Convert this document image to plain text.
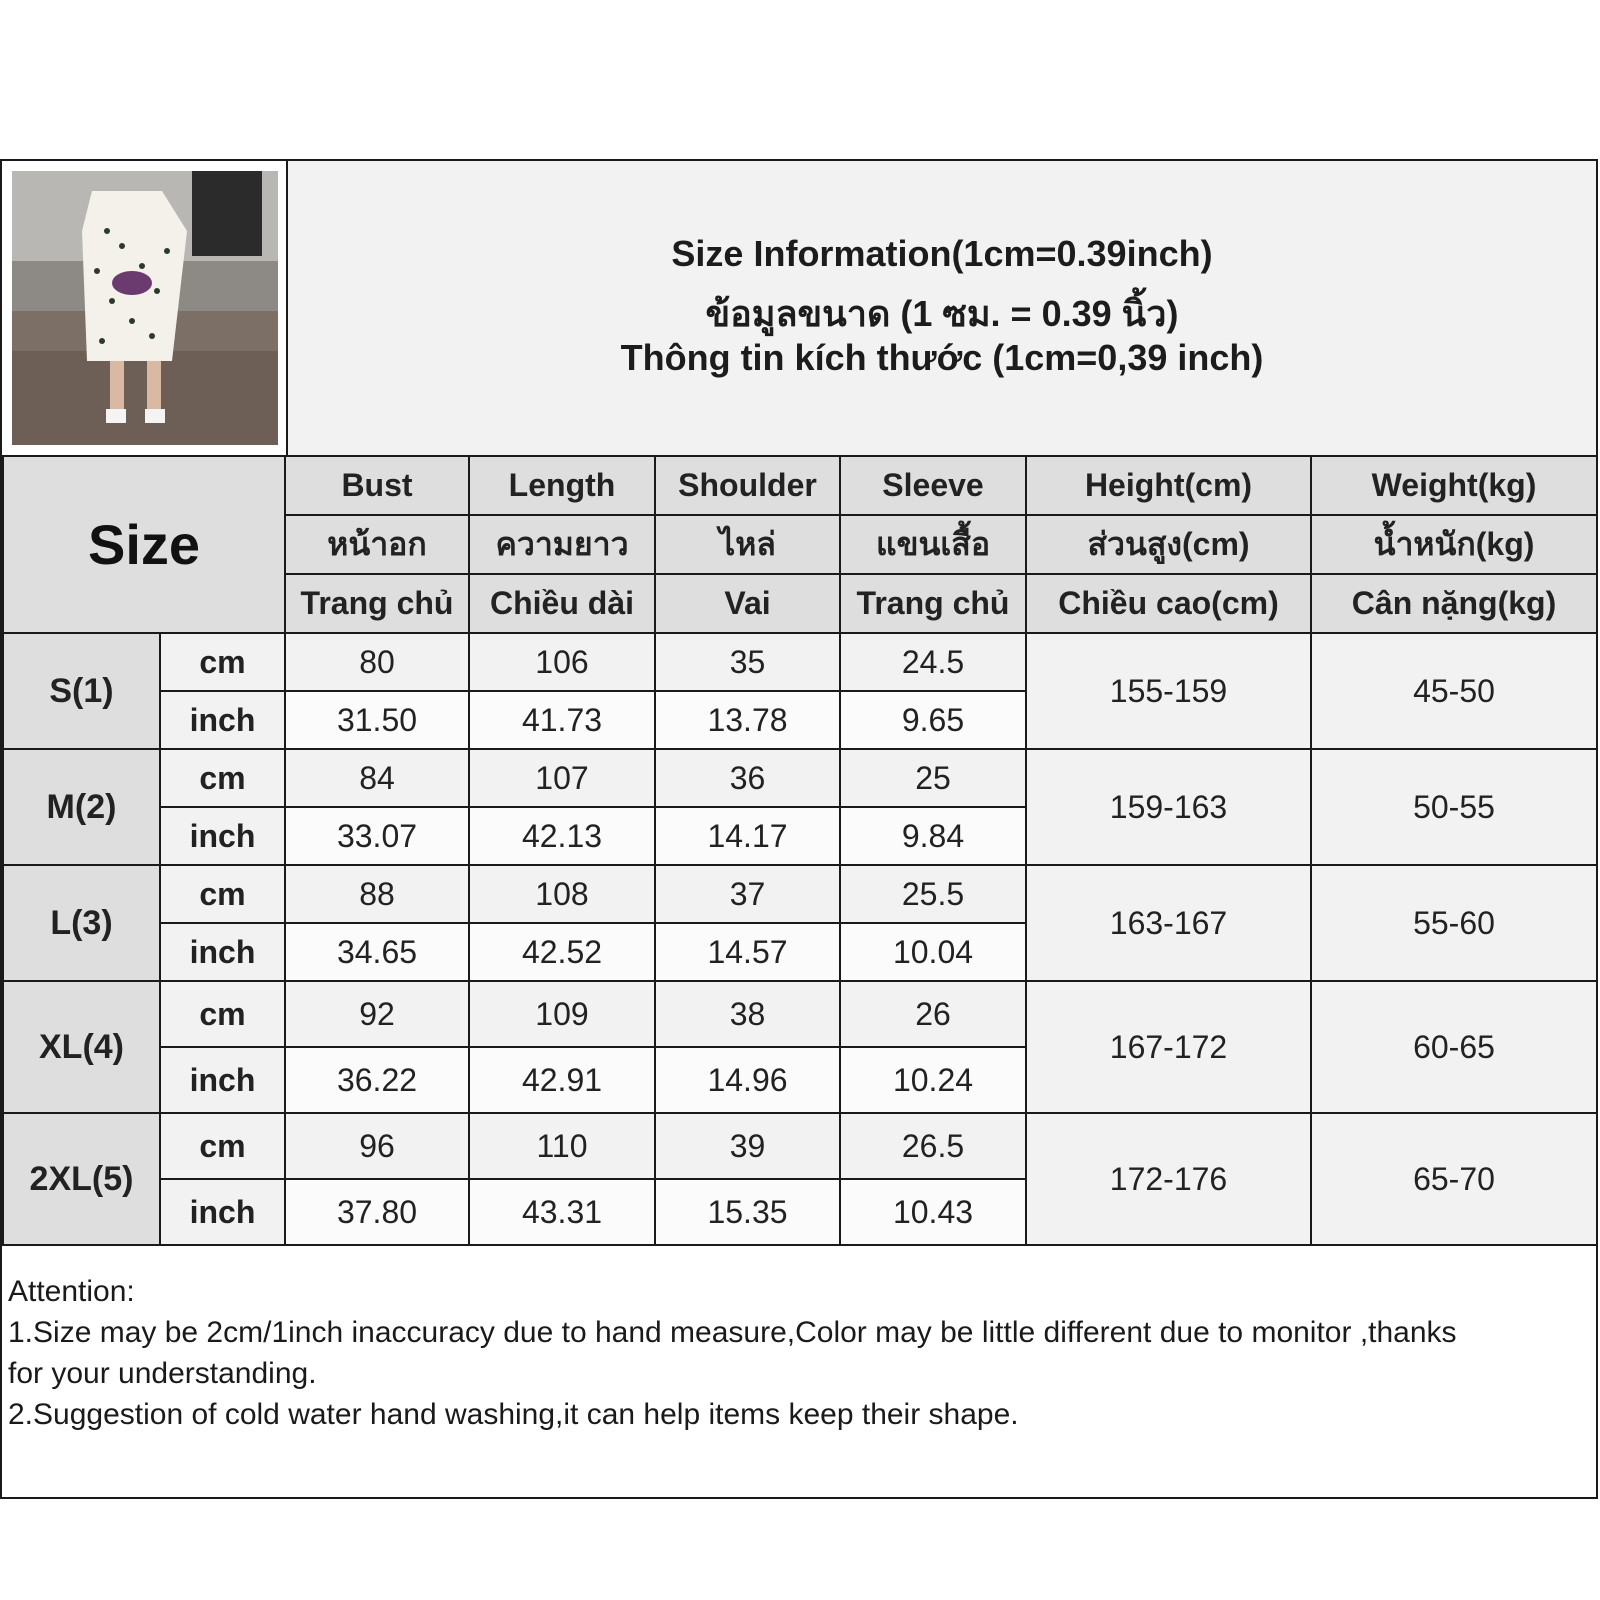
Size Information(1cm=0.39inch)
ข้อมูลขนาด (1 ซม. = 0.39 นิ้ว)
Thông tin kích thước (1cm=0,39 inch)
Size		Bust	Length	Shoulder	Sleeve	Height(cm)	Weight(kg)
		หน้าอก	ความยาว	ไหล่	แขนเสื้อ	ส่วนสูง(cm)	น้ำหนัก(kg)
		Trang chủ	Chiều dài	Vai	Trang chủ	Chiều cao(cm)	Cân nặng(kg)
S(1)	cm	80	106	35	24.5	155-159	45-50
	inch	31.50	41.73	13.78	9.65		
M(2)	cm	84	107	36	25	159-163	50-55
	inch	33.07	42.13	14.17	9.84		
L(3)	cm	88	108	37	25.5	163-167	55-60
	inch	34.65	42.52	14.57	10.04		
XL(4)	cm	92	109	38	26	167-172	60-65
	inch	36.22	42.91	14.96	10.24		
2XL(5)	cm	96	110	39	26.5	172-176	65-70
	inch	37.80	43.31	15.35	10.43		
Attention:
1.Size may be 2cm/1inch inaccuracy due to hand measure,Color may be little different due to monitor ,thanks
for your understanding.
2.Suggestion of cold water hand washing,it can help items keep their shape.
